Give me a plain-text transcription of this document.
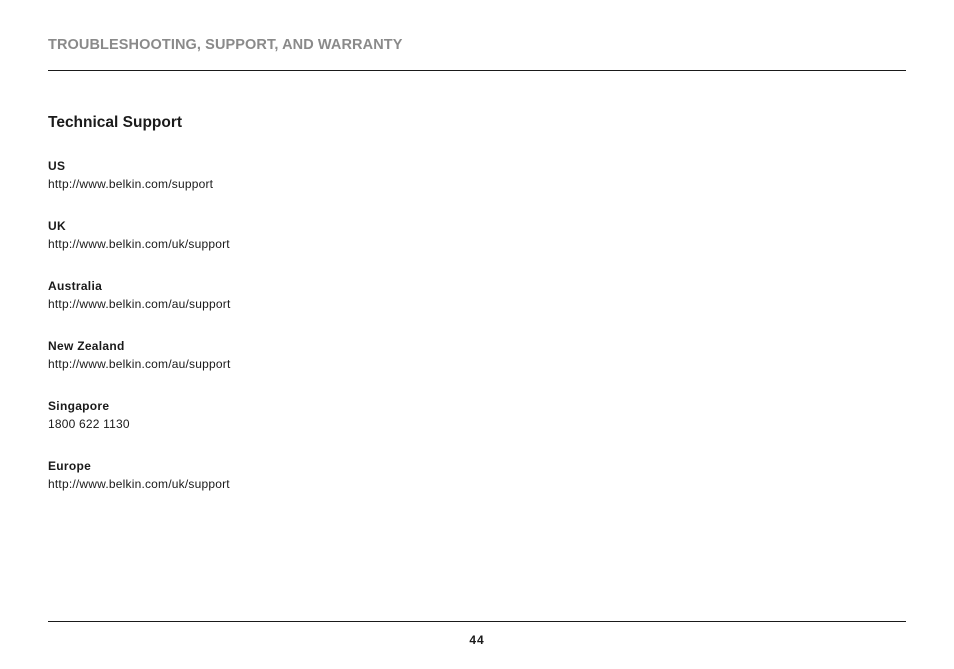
TROUBLESHOOTING, SUPPORT, AND WARRANTY
Technical Support
US
http://www.belkin.com/support
UK
http://www.belkin.com/uk/support
Australia
http://www.belkin.com/au/support
New Zealand
http://www.belkin.com/au/support
Singapore
1800 622 1130
Europe
http://www.belkin.com/uk/support
44
